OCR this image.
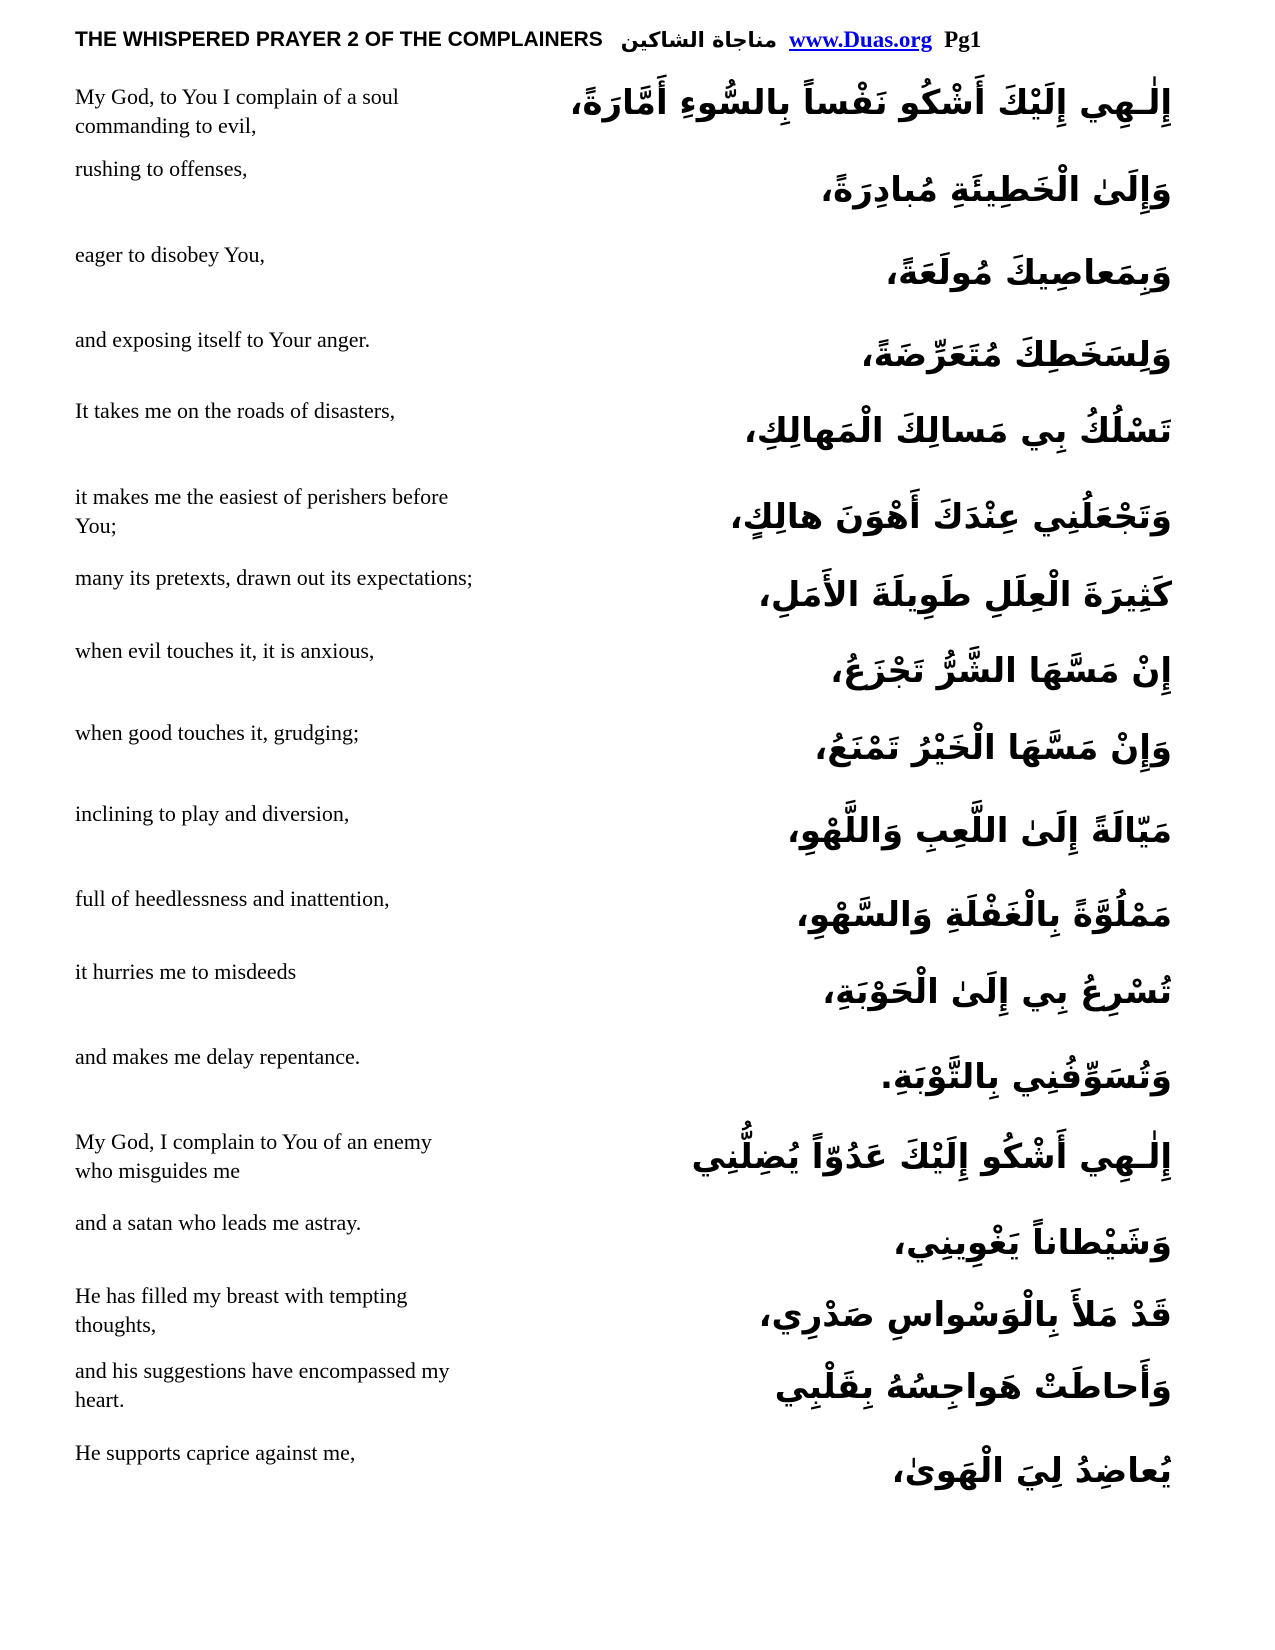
THE WHISPERED PRAYER 2 OF THE COMPLAINERS مناجاة الشاكين www.Duas.org Pg1
My God, to You I complain of a soul commanding to evil,
rushing to offenses,
eager to disobey You,
and exposing itself to Your anger.
It takes me on the roads of disasters,
it makes me the easiest of perishers before You;
many its pretexts, drawn out its expectations;
when evil touches it, it is anxious,
when good touches it, grudging;
inclining to play and diversion,
full of heedlessness and inattention,
it hurries me to misdeeds
and makes me delay repentance.
My God, I complain to You of an enemy who misguides me
and a satan who leads me astray.
He has filled my breast with tempting thoughts,
and his suggestions have encompassed my heart.
He supports caprice against me,
إِلٰـهِي إِلَيْكَ أَشْكُو نَفْساً بِالسُّوءِ أَمَّارَةً،
وَإِلَىٰ الْخَطِيئَةِ مُبادِرَةً،
وَبِمَعاصِيكَ مُولَعَةً،
وَلِسَخَطِكَ مُتَعَرِّضَةً،
تَسْلُكُ بِي مَسالِكَ الْمَهالِكِ،
وَتَجْعَلُنِي عِنْدَكَ أَهْوَنَ هالِكٍ،
كَثِيرَةَ الْعِلَلِ طَوِيلَةَ الأَمَلِ،
إِنْ مَسَّهَا الشَّرُّ تَجْزَعُ،
وَإِنْ مَسَّهَا الْخَيْرُ تَمْنَعُ،
مَيّالَةً إِلَىٰ اللَّعِبِ وَاللَّهْوِ،
مَمْلُوَّةً بِالْغَفْلَةِ وَالسَّهْوِ،
تُسْرِعُ بِي إِلَىٰ الْحَوْبَةِ،
وَتُسَوِّفُنِي بِالتَّوْبَةِ.
إِلٰـهِي أَشْكُو إِلَيْكَ عَدُوّاً يُضِلُّنِي
وَشَيْطاناً يَغْوِينِي،
قَدْ مَلأَ بِالْوَسْواسِ صَدْرِي،
وَأَحاطَتْ هَواجِسُهُ بِقَلْبِي
يُعاضِدُ لِيَ الْهَوىٰ،
